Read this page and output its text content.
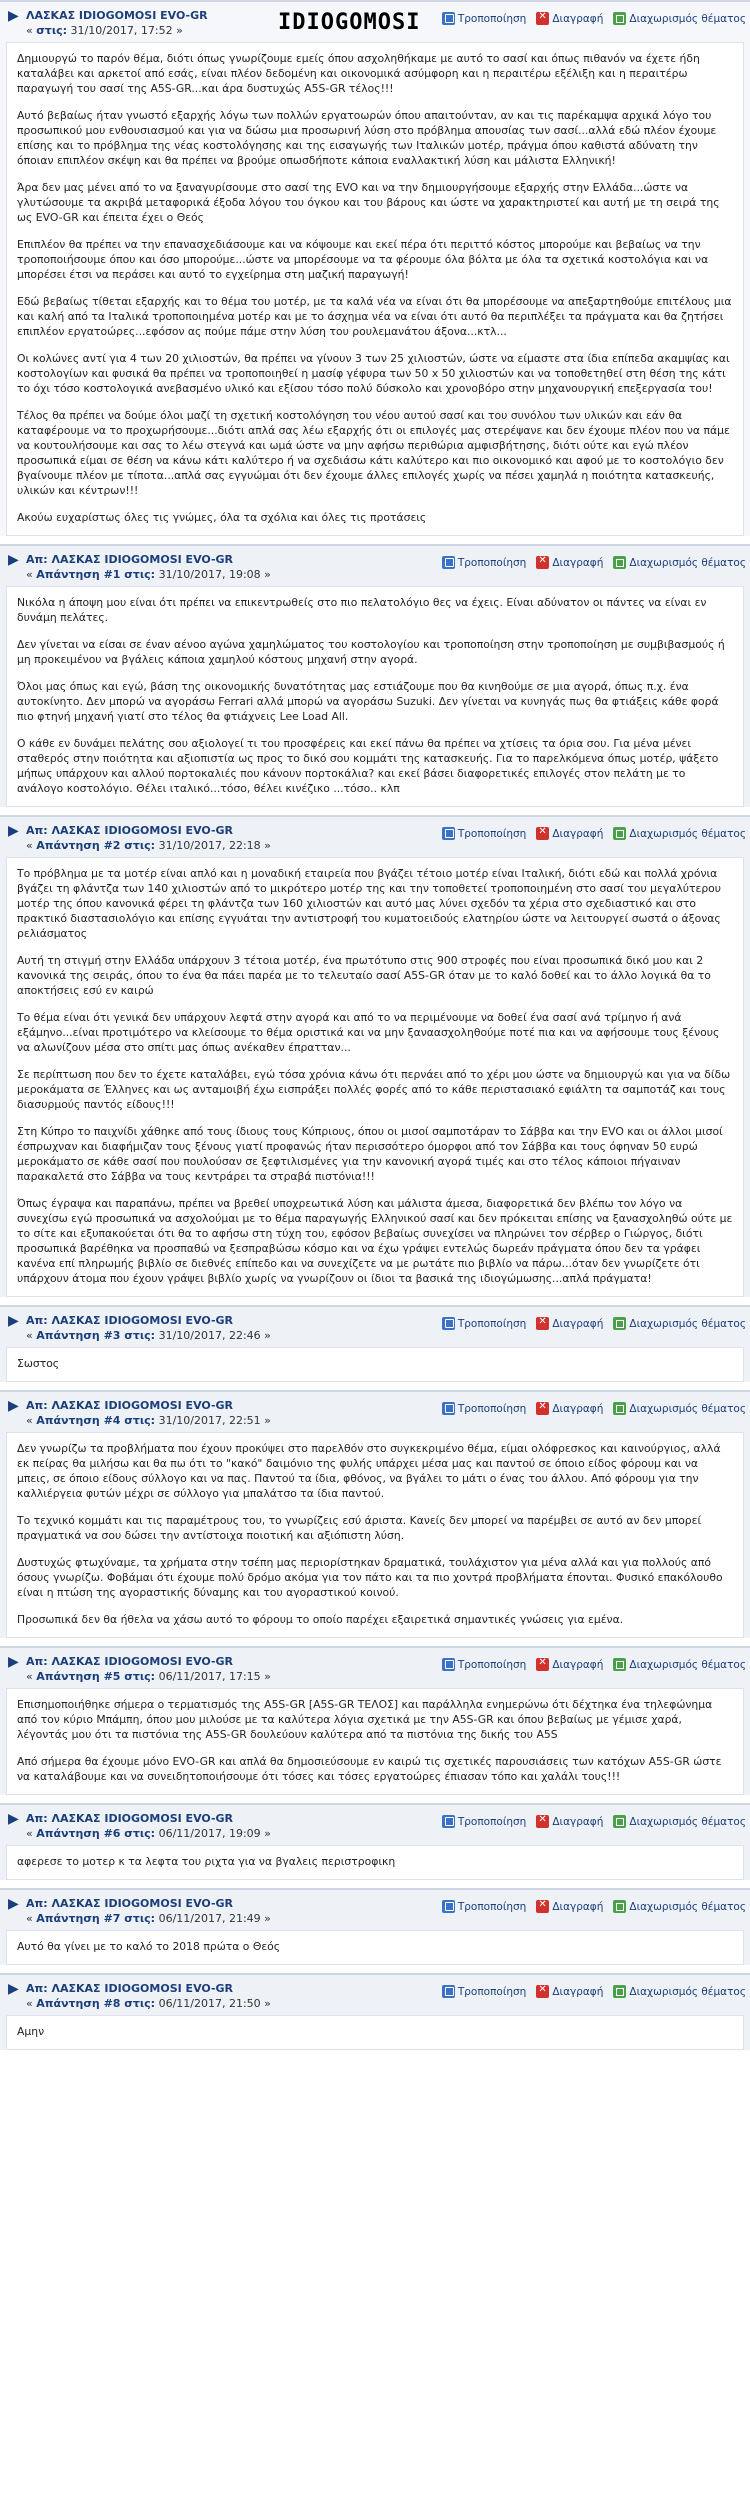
▶ ΛΑΣΚΑΣ IDIOGOMOSI EVO-GR
« στις: 31/10/2017, 17:52 »
Τροποποίηση ✕ Διαγραφή Διαχωρισμός θέματος
IDIOGOMOSI

Δημιουργώ το παρόν θέμα, διότι όπως γνωρίζουμε εμείς όπου ασχοληθήκαμε με αυτό το σασί και όπως πιθανόν να έχετε ήδη καταλάβει και αρκετοί από εσάς, είναι πλέον δεδομένη και οικονομικά ασύμφορη και η περαιτέρω εξέλιξη και η περαιτέρω παραγωγή του σασί της A5S-GR...και άρα δυστυχώς A5S-GR τέλος!!!

Αυτό βεβαίως ήταν γνωστό εξαρχής λόγω των πολλών εργατοωρών όπου απαιτούνταν, αν και τις παρέκαμψα αρχικά λόγο του προσωπικού μου ενθουσιασμού και για να δώσω μια προσωρινή λύση στο πρόβλημα απουσίας των σασί...αλλά εδώ πλέον έχουμε επίσης και το πρόβλημα της νέας κοστολόγησης και της εισαγωγής των Ιταλικών μοτέρ, πράγμα όπου καθιστά αδύνατη την όποιαν επιπλέον σκέψη και θα πρέπει να βρούμε οπωσδήποτε κάποια εναλλακτική λύση και μάλιστα Ελληνική!

Άρα δεν μας μένει από το να ξαναγυρίσουμε στο σασί της EVO και να την δημιουργήσουμε εξαρχής στην Ελλάδα...ώστε να γλυτώσουμε τα ακριβά μεταφορικά έξοδα λόγου του όγκου και του βάρους και ώστε να χαρακτηριστεί και αυτή με τη σειρά της ως EVO-GR και έπειτα έχει ο Θεός

Επιπλέον θα πρέπει να την επανασχεδιάσουμε και να κόψουμε και εκεί πέρα ότι περιττό κόστος μπορούμε και βεβαίως να την τροποποιήσουμε όπου και όσο μπορούμε...ώστε να μπορέσουμε να τα φέρουμε όλα βόλτα με όλα τα σχετικά κοστολόγια και να μπορέσει έτσι να περάσει και αυτό το εγχείρημα στη μαζική παραγωγή!

Εδώ βεβαίως τίθεται εξαρχής και το θέμα του μοτέρ, με τα καλά νέα να είναι ότι θα μπορέσουμε να απεξαρτηθούμε επιτέλους μια και καλή από τα Ιταλικά τροποποιημένα μοτέρ και με το άσχημα νέα να είναι ότι αυτό θα περιπλέξει τα πράγματα και θα ζητήσει επιπλέον εργατοώρες...εφόσον ας πούμε πάμε στην λύση του ρουλεμανάτου άξονα...κτλ...

Οι κολώνες αντί για 4 των 20 χιλιοστών, θα πρέπει να γίνουν 3 των 25 χιλιοστών, ώστε να είμαστε στα ίδια επίπεδα ακαμψίας και κοστολογίων και φυσικά θα πρέπει να τροποποιηθεί η μασίφ γέφυρα των 50 x 50 χιλιοστών και να τοποθετηθεί στη θέση της κάτι το όχι τόσο κοστολογικά ανεβασμένο υλικό και εξίσου τόσο πολύ δύσκολο και χρονοβόρο στην μηχανουργική επεξεργασία του!

Τέλος θα πρέπει να δούμε όλοι μαζί τη σχετική κοστολόγηση του νέου αυτού σασί και του συνόλου των υλικών και εάν θα καταφέρουμε να το προχωρήσουμε...διότι απλά σας λέω εξαρχής ότι οι επιλογές μας στερέψανε και δεν έχουμε πλέον που να πάμε να κουτουλήσουμε και σας το λέω στεγνά και ωμά ώστε να μην αφήσω περιθώρια αμφισβήτησης, διότι ούτε και εγώ πλέον προσωπικά είμαι σε θέση να κάνω κάτι καλύτερο ή να σχεδιάσω κάτι καλύτερο και πιο οικονομικό και αφού με το κοστολόγιο δεν βγαίνουμε πλέον με τίποτα...απλά σας εγγυώμαι ότι δεν έχουμε άλλες επιλογές χωρίς να πέσει χαμηλά η ποιότητα κατασκευής, υλικών και κέντρων!!!

Ακούω ευχαρίστως όλες τις γνώμες, όλα τα σχόλια και όλες τις προτάσεις

▶ Απ: ΛΑΣΚΑΣ IDIOGOMOSI EVO-GR
« Απάντηση #1 στις: 31/10/2017, 19:08 »
Τροποποίηση ✕ Διαγραφή Διαχωρισμός θέματος

Νικόλα η άποψη μου είναι ότι πρέπει να επικεντρωθείς στο πιο πελατολόγιο θες να έχεις. Είναι αδύνατον οι πάντες να είναι εν δυνάμη πελάτες.

Δεν γίνεται να είσαι σε έναν αένοο αγώνα χαμηλώματος του κοστολογίου και τροποποίηση στην τροποποίηση με συμβιβασμούς ή μη προκειμένου να βγάλεις κάποια χαμηλού κόστους μηχανή στην αγορά.

Όλοι μας όπως και εγώ, βάση της οικονομικής δυνατότητας μας εστιάζουμε που θα κινηθούμε σε μια αγορά, όπως π.χ. ένα αυτοκίνητο. Δεν μπορώ να αγοράσω Ferrari αλλά μπορώ να αγοράσω Suzuki. Δεν γίνεται να κυνηγάς πως θα φτιάξεις κάθε φορά πιο φτηνή μηχανή γιατί στο τέλος θα φτιάχνεις Lee Load All.

Ο κάθε εν δυνάμει πελάτης σου αξιολογεί τι του προσφέρεις και εκεί πάνω θα πρέπει να χτίσεις τα όρια σου. Για μένα μένει σταθερός στην ποιότητα και αξιοπιστία ως προς το δικό σου κομμάτι της κατασκευής. Για το παρελκόμενα όπως μοτέρ, ψάξετο μήπως υπάρχουν και αλλού πορτοκαλιές που κάνουν πορτοκάλια? και εκεί βάσει διαφορετικές επιλογές στον πελάτη με το ανάλογο κοστολόγιο. Θέλει ιταλικό...τόσο, θέλει κινέζικο ...τόσο.. κλπ

▶ Απ: ΛΑΣΚΑΣ IDIOGOMOSI EVO-GR
« Απάντηση #2 στις: 31/10/2017, 22:18 »
Τροποποίηση ✕ Διαγραφή Διαχωρισμός θέματος

Το πρόβλημα με τα μοτέρ είναι απλό και η μοναδική εταιρεία που βγάζει τέτοιο μοτέρ είναι Ιταλική, διότι εδώ και πολλά χρόνια βγάζει τη φλάντζα των 140 χιλιοστών από το μικρότερο μοτέρ της και την τοποθετεί τροποποιημένη στο σασί του μεγαλύτερου μοτέρ της όπου κανονικά φέρει τη φλάντζα των 160 χιλιοστών και αυτό μας λύνει σχεδόν τα χέρια στο σχεδιαστικό και στο πρακτικό διαστασιολόγιο και επίσης εγγυάται την αντιστροφή του κυματοειδούς ελατηρίου ώστε να λειτουργεί σωστά ο άξονας ρελιάσματος

Αυτή τη στιγμή στην Ελλάδα υπάρχουν 3 τέτοια μοτέρ, ένα πρωτότυπο στις 900 στροφές που είναι προσωπικά δικό μου και 2 κανονικά της σειράς, όπου το ένα θα πάει παρέα με το τελευταίο σασί A5S-GR όταν με το καλό δοθεί και το άλλο λογικά θα το αποκτήσεις εσύ εν καιρώ

Το θέμα είναι ότι γενικά δεν υπάρχουν λεφτά στην αγορά και από το να περιμένουμε να δοθεί ένα σασί ανά τρίμηνο ή ανά εξάμηνο...είναι προτιμότερο να κλείσουμε το θέμα οριστικά και να μην ξαναασχοληθούμε ποτέ πια και να αφήσουμε τους ξένους να αλωνίζουν μέσα στο σπίτι μας όπως ανέκαθεν έπρατταν...

Σε περίπτωση που δεν το έχετε καταλάβει, εγώ τόσα χρόνια κάνω ότι περνάει από το χέρι μου ώστε να δημιουργώ και για να δίδω μεροκάματα σε Έλληνες και ως ανταμοιβή έχω εισπράξει πολλές φορές από το κάθε περιστασιακό εφιάλτη τα σαμποτάζ και τους διασυρμούς παντός είδους!!!

Στη Κύπρο το παιχνίδι χάθηκε από τους ίδιους τους Κύπριους, όπου οι μισοί σαμποτάραν το Σάββα και την EVO και οι άλλοι μισοί έσπρωχναν και διαφήμιζαν τους ξένους γιατί προφανώς ήταν περισσότερο όμορφοι από τον Σάββα και τους όφηναν 50 ευρώ μεροκάματο σε κάθε σασί που πουλούσαν σε ξεφτιλισμένες για την κανονική αγορά τιμές και στο τέλος κάποιοι πήγαιναν παρακαλετά στο Σάββα να τους κεντράρει τα στραβά πιστόνια!!!

Όπως έγραψα και παραπάνω, πρέπει να βρεθεί υποχρεωτικά λύση και μάλιστα άμεσα, διαφορετικά δεν βλέπω τον λόγο να συνεχίσω εγώ προσωπικά να ασχολούμαι με το θέμα παραγωγής Ελληνικού σασί και δεν πρόκειται επίσης να ξανασχοληθώ ούτε με το σίτε και εξυπακούεται ότι θα το αφήσω στη τύχη του, εφόσον βεβαίως συνεχίσει να πληρώνει τον σέρβερ ο Γιώργος, διότι προσωπικά βαρέθηκα να προσπαθώ να ξεσπραβώσω κόσμο και να έχω γράψει εντελώς δωρεάν πράγματα όπου δεν τα γράφει κανένα επί πληρωμής βιβλίο σε διεθνές επίπεδο και να συνεχίζετε να με ρωτάτε πιο βιβλίο να πάρω...όταν δεν γνωρίζετε ότι υπάρχουν άτομα που έχουν γράψει βιβλίο χωρίς να γνωρίζουν οι ίδιοι τα βασικά της ιδιογώμωσης...απλά πράγματα!

▶ Απ: ΛΑΣΚΑΣ IDIOGOMOSI EVO-GR
« Απάντηση #3 στις: 31/10/2017, 22:46 »
Τροποποίηση ✕ Διαγραφή Διαχωρισμός θέματος

Σωστος

▶ Απ: ΛΑΣΚΑΣ IDIOGOMOSI EVO-GR
« Απάντηση #4 στις: 31/10/2017, 22:51 »
Τροποποίηση ✕ Διαγραφή Διαχωρισμός θέματος

Δεν γνωρίζω τα προβλήματα που έχουν προκύψει στο παρελθόν στο συγκεκριμένο θέμα, είμαι ολόφρεσκος και καινούργιος, αλλά εκ πείρας θα μιλήσω και θα πω ότι το "κακό" δαιμόνιο της φυλής υπάρχει μέσα μας και παντού σε όποιο είδος φόρουμ και να μπεις, σε όποιο είδους σύλλογο και να πας. Παντού τα ίδια, φθόνος, να βγάλει το μάτι ο ένας του άλλου. Από φόρουμ για την καλλιέργεια φυτών μέχρι σε σύλλογο για μπαλάτσο τα ίδια παντού.

Το τεχνικό κομμάτι και τις παραμέτρους του, το γνωρίζεις εσύ άριστα. Κανείς δεν μπορεί να παρέμβει σε αυτό αν δεν μπορεί πραγματικά να σου δώσει την αντίστοιχα ποιοτική και αξιόπιστη λύση.

Δυστυχώς φτωχύναμε, τα χρήματα στην τσέπη μας περιορίστηκαν δραματικά, τουλάχιστον για μένα αλλά και για πολλούς από όσους γνωρίζω. Φοβάμαι ότι έχουμε πολύ δρόμο ακόμα για τον πάτο και τα πιο χοντρά προβλήματα έπονται. Φυσικό επακόλουθο είναι η πτώση της αγοραστικής δύναμης και του αγοραστικού κοινού.

Προσωπικά δεν θα ήθελα να χάσω αυτό το φόρουμ το οποίο παρέχει εξαιρετικά σημαντικές γνώσεις για εμένα.

▶ Απ: ΛΑΣΚΑΣ IDIOGOMOSI EVO-GR
« Απάντηση #5 στις: 06/11/2017, 17:15 »
Τροποποίηση ✕ Διαγραφή Διαχωρισμός θέματος

Επισημοποιήθηκε σήμερα ο τερματισμός της A5S-GR [A5S-GR ΤΕΛΟΣ] και παράλληλα ενημερώνω ότι δέχτηκα ένα τηλεφώνημα από τον κύριο Μπάμπη, όπου μου μιλούσε με τα καλύτερα λόγια σχετικά με την A5S-GR και όπου βεβαίως με γέμισε χαρά, λέγοντάς μου ότι τα πιστόνια της A5S-GR δουλεύουν καλύτερα από τα πιστόνια της δικής του A5S

Από σήμερα θα έχουμε μόνο EVO-GR και απλά θα δημοσιεύσουμε εν καιρώ τις σχετικές παρουσιάσεις των κατόχων A5S-GR ώστε να καταλάβουμε και να συνειδητοποιήσουμε ότι τόσες και τόσες εργατοώρες έπιασαν τόπο και χαλάλι τους!!!

▶ Απ: ΛΑΣΚΑΣ IDIOGOMOSI EVO-GR
« Απάντηση #6 στις: 06/11/2017, 19:09 »
Τροποποίηση ✕ Διαγραφή Διαχωρισμός θέματος

αφερεσε το μοτερ κ τα λεφτα του ριχτα για να βγαλεις περιστροφικη

▶ Απ: ΛΑΣΚΑΣ IDIOGOMOSI EVO-GR
« Απάντηση #7 στις: 06/11/2017, 21:49 »
Τροποποίηση ✕ Διαγραφή Διαχωρισμός θέματος

Αυτό θα γίνει με το καλό το 2018 πρώτα ο Θεός

▶ Απ: ΛΑΣΚΑΣ IDIOGOMOSI EVO-GR
« Απάντηση #8 στις: 06/11/2017, 21:50 »
Τροποποίηση ✕ Διαγραφή Διαχωρισμός θέματος

Αμην
